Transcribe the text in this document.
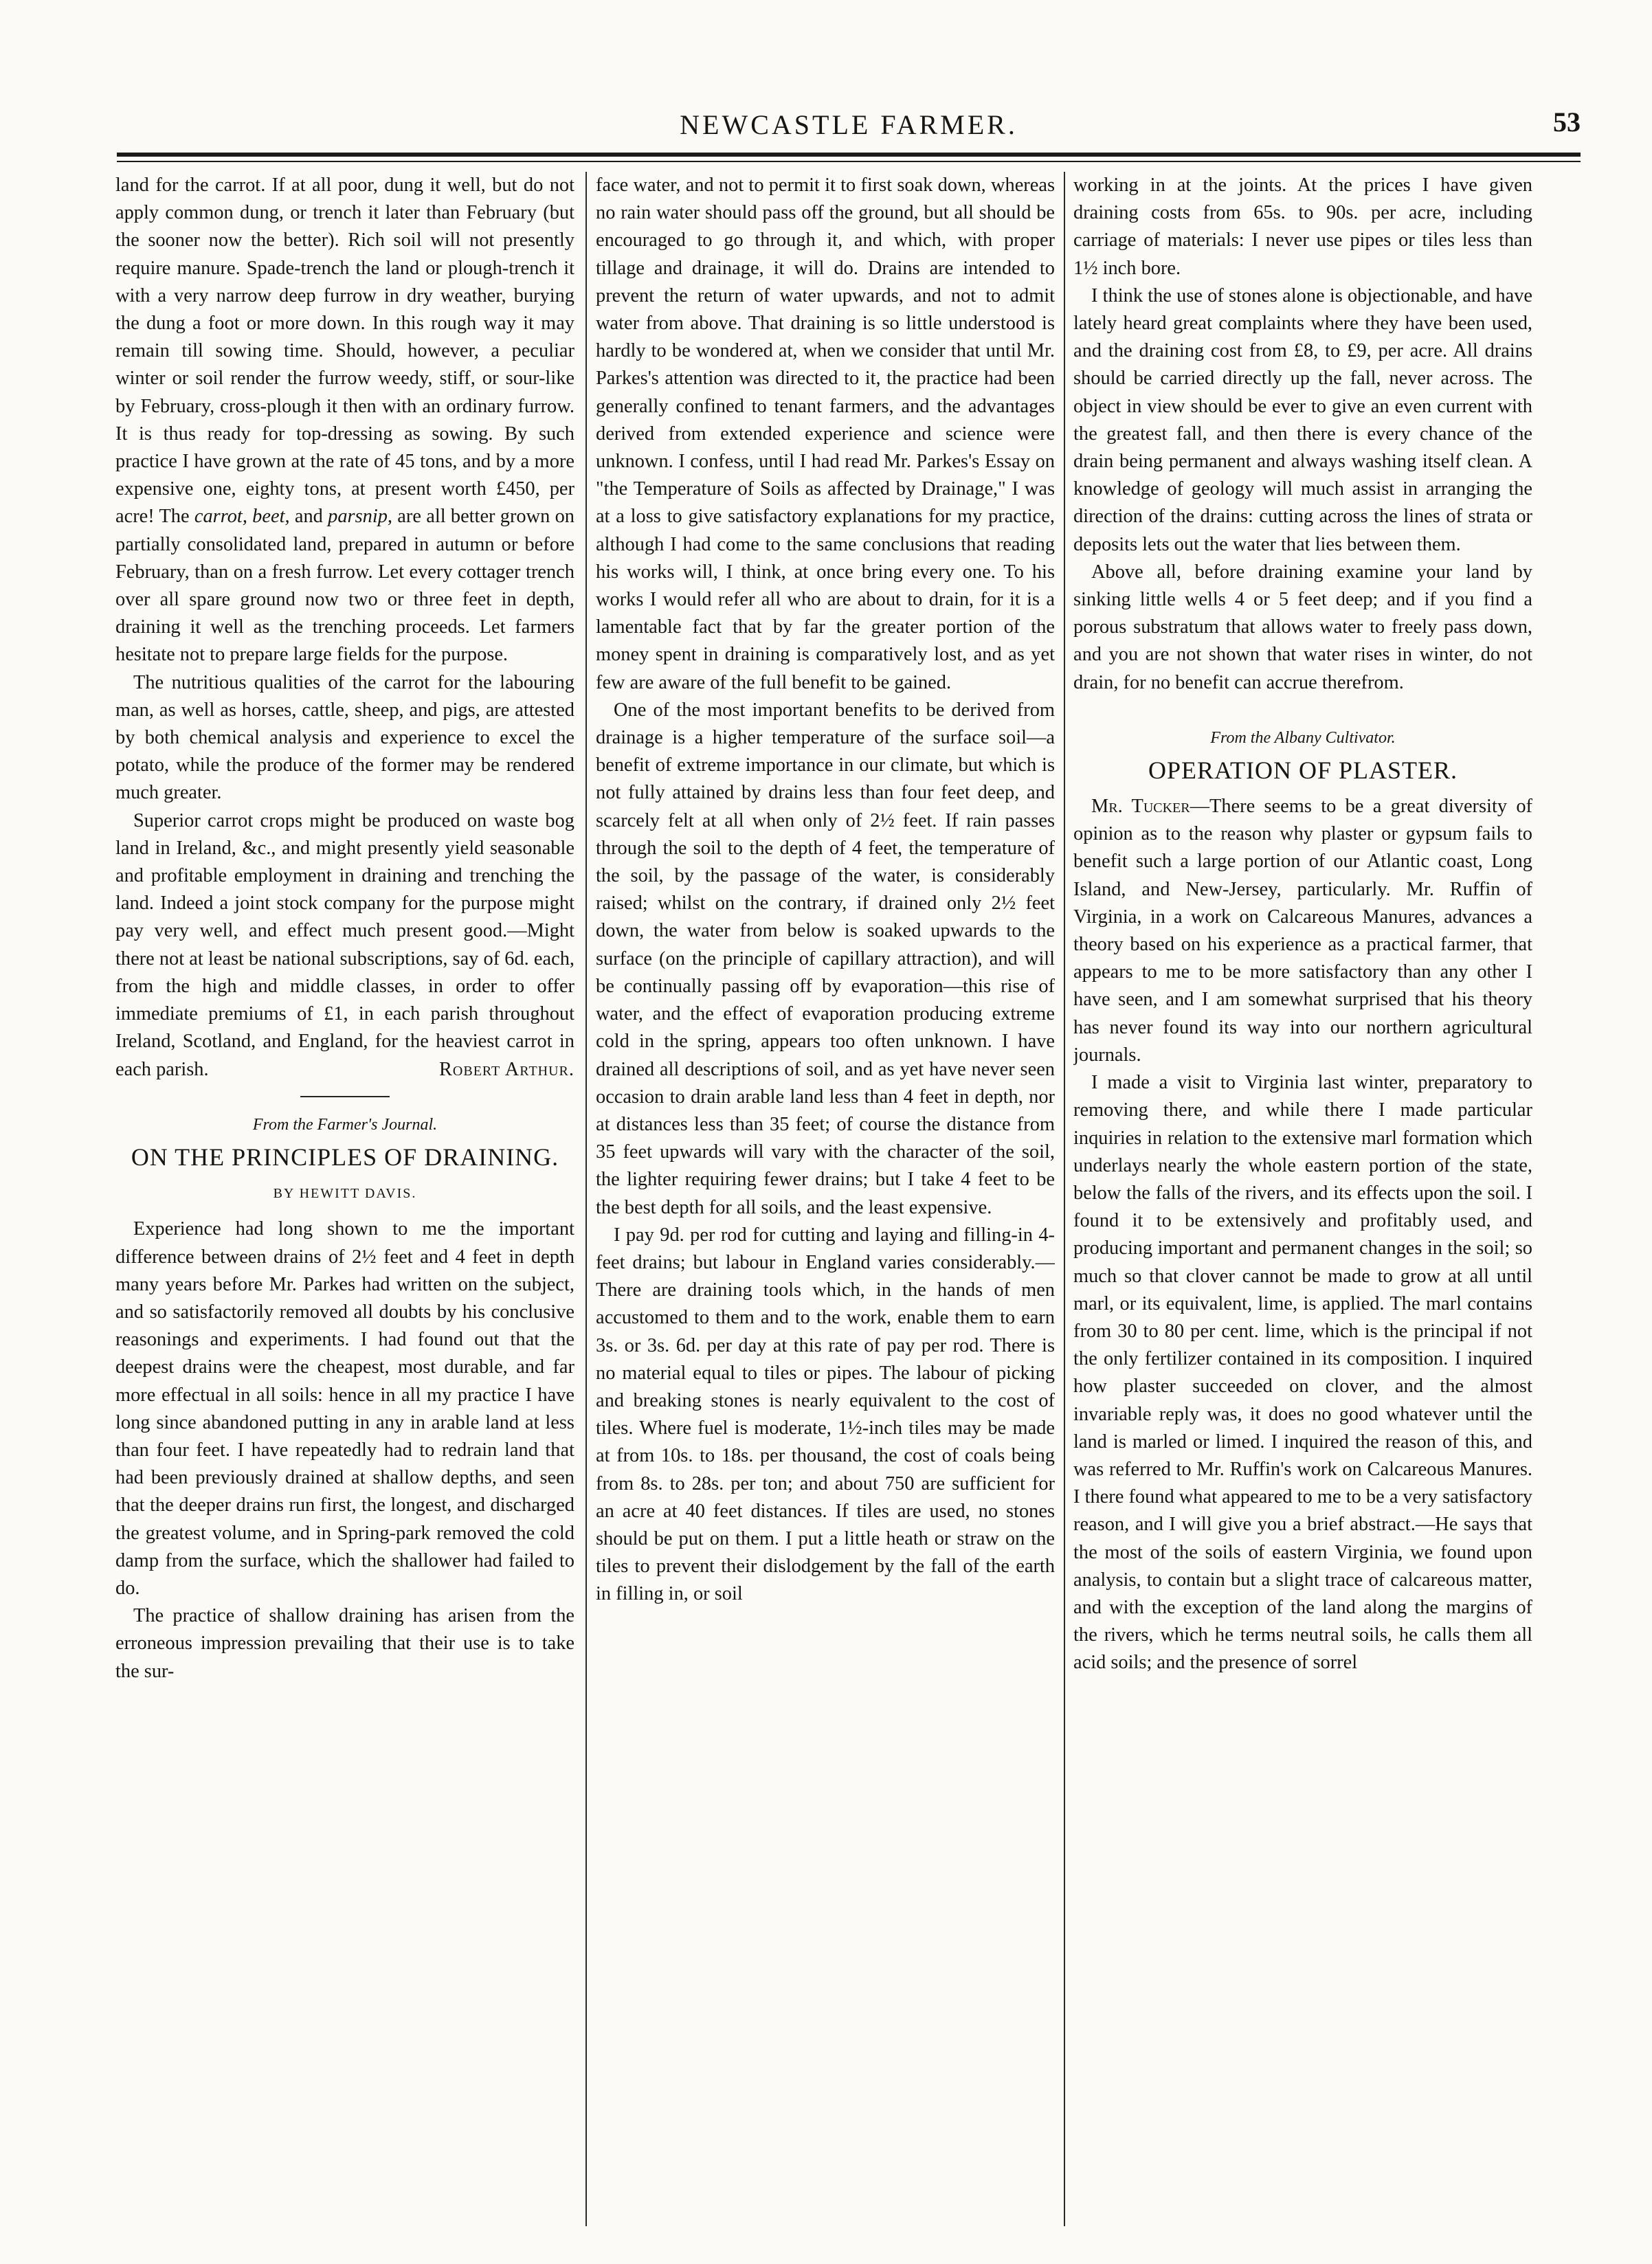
NEWCASTLE FARMER.	53

land for the carrot. If at all poor, dung it well, but do not apply common dung, or trench it later than February (but the sooner now the better). Rich soil will not presently require manure. Spade-trench the land or plough-trench it with a very narrow deep furrow in dry weather, burying the dung a foot or more down. In this rough way it may remain till sowing time. Should, however, a peculiar winter or soil render the furrow weedy, stiff, or sour-like by February, cross-plough it then with an ordinary furrow. It is thus ready for top-dressing as sowing. By such practice I have grown at the rate of 45 tons, and by a more expensive one, eighty tons, at present worth £450, per acre! The carrot, beet, and parsnip, are all better grown on partially consolidated land, prepared in autumn or before February, than on a fresh furrow. Let every cottager trench over all spare ground now two or three feet in depth, draining it well as the trenching proceeds. Let farmers hesitate not to prepare large fields for the purpose.

The nutritious qualities of the carrot for the labouring man, as well as horses, cattle, sheep, and pigs, are attested by both chemical analysis and experience to excel the potato, while the produce of the former may be rendered much greater.

Superior carrot crops might be produced on waste bog land in Ireland, &c., and might presently yield seasonable and profitable employment in draining and trenching the land. Indeed a joint stock company for the purpose might pay very well, and effect much present good.—Might there not at least be national subscriptions, say of 6d. each, from the high and middle classes, in order to offer immediate premiums of £1, in each parish throughout Ireland, Scotland, and England, for the heaviest carrot in each parish.	Robert Arthur.
From the Farmer's Journal.
ON THE PRINCIPLES OF DRAINING.
BY HEWITT DAVIS.

Experience had long shown to me the important difference between drains of 2½ feet and 4 feet in depth many years before Mr. Parkes had written on the subject, and so satisfactorily removed all doubts by his conclusive reasonings and experiments. I had found out that the deepest drains were the cheapest, most durable, and far more effectual in all soils: hence in all my practice I have long since abandoned putting in any in arable land at less than four feet. I have repeatedly had to redrain land that had been previously drained at shallow depths, and seen that the deeper drains run first, the longest, and discharged the greatest volume, and in Spring-park removed the cold damp from the surface, which the shallower had failed to do.

The practice of shallow draining has arisen from the erroneous impression prevailing that their use is to take the sur-

face water, and not to permit it to first soak down, whereas no rain water should pass off the ground, but all should be encouraged to go through it, and which, with proper tillage and drainage, it will do. Drains are intended to prevent the return of water upwards, and not to admit water from above. That draining is so little understood is hardly to be wondered at, when we consider that until Mr. Parkes's attention was directed to it, the practice had been generally confined to tenant farmers, and the advantages derived from extended experience and science were unknown. I confess, until I had read Mr. Parkes's Essay on "the Temperature of Soils as affected by Drainage," I was at a loss to give satisfactory explanations for my practice, although I had come to the same conclusions that reading his works will, I think, at once bring every one. To his works I would refer all who are about to drain, for it is a lamentable fact that by far the greater portion of the money spent in draining is comparatively lost, and as yet few are aware of the full benefit to be gained.

One of the most important benefits to be derived from drainage is a higher temperature of the surface soil—a benefit of extreme importance in our climate, but which is not fully attained by drains less than four feet deep, and scarcely felt at all when only of 2½ feet. If rain passes through the soil to the depth of 4 feet, the temperature of the soil, by the passage of the water, is considerably raised; whilst on the contrary, if drained only 2½ feet down, the water from below is soaked upwards to the surface (on the principle of capillary attraction), and will be continually passing off by evaporation—this rise of water, and the effect of evaporation producing extreme cold in the spring, appears too often unknown. I have drained all descriptions of soil, and as yet have never seen occasion to drain arable land less than 4 feet in depth, nor at distances less than 35 feet; of course the distance from 35 feet upwards will vary with the character of the soil, the lighter requiring fewer drains; but I take 4 feet to be the best depth for all soils, and the least expensive.

I pay 9d. per rod for cutting and laying and filling-in 4-feet drains; but labour in England varies considerably.—There are draining tools which, in the hands of men accustomed to them and to the work, enable them to earn 3s. or 3s. 6d. per day at this rate of pay per rod. There is no material equal to tiles or pipes. The labour of picking and breaking stones is nearly equivalent to the cost of tiles. Where fuel is moderate, 1½-inch tiles may be made at from 10s. to 18s. per thousand, the cost of coals being from 8s. to 28s. per ton; and about 750 are sufficient for an acre at 40 feet distances. If tiles are used, no stones should be put on them. I put a little heath or straw on the tiles to prevent their dislodgement by the fall of the earth in filling in, or soil

working in at the joints. At the prices I have given draining costs from 65s. to 90s. per acre, including carriage of materials: I never use pipes or tiles less than 1½ inch bore.

I think the use of stones alone is objectionable, and have lately heard great complaints where they have been used, and the draining cost from £8, to £9, per acre. All drains should be carried directly up the fall, never across. The object in view should be ever to give an even current with the greatest fall, and then there is every chance of the drain being permanent and always washing itself clean. A knowledge of geology will much assist in arranging the direction of the drains: cutting across the lines of strata or deposits lets out the water that lies between them.

Above all, before draining examine your land by sinking little wells 4 or 5 feet deep; and if you find a porous substratum that allows water to freely pass down, and you are not shown that water rises in winter, do not drain, for no benefit can accrue therefrom.

From the Albany Cultivator.
OPERATION OF PLASTER.

Mr. Tucker—There seems to be a great diversity of opinion as to the reason why plaster or gypsum fails to benefit such a large portion of our Atlantic coast, Long Island, and New-Jersey, particularly. Mr. Ruffin of Virginia, in a work on Calcareous Manures, advances a theory based on his experience as a practical farmer, that appears to me to be more satisfactory than any other I have seen, and I am somewhat surprised that his theory has never found its way into our northern agricultural journals.

I made a visit to Virginia last winter, preparatory to removing there, and while there I made particular inquiries in relation to the extensive marl formation which underlays nearly the whole eastern portion of the state, below the falls of the rivers, and its effects upon the soil. I found it to be extensively and profitably used, and producing important and permanent changes in the soil; so much so that clover cannot be made to grow at all until marl, or its equivalent, lime, is applied. The marl contains from 30 to 80 per cent. lime, which is the principal if not the only fertilizer contained in its composition. I inquired how plaster succeeded on clover, and the almost invariable reply was, it does no good whatever until the land is marled or limed. I inquired the reason of this, and was referred to Mr. Ruffin's work on Calcareous Manures. I there found what appeared to me to be a very satisfactory reason, and I will give you a brief abstract.—He says that the most of the soils of eastern Virginia, we found upon analysis, to contain but a slight trace of calcareous matter, and with the exception of the land along the margins of the rivers, which he terms neutral soils, he calls them all acid soils; and the presence of sorrel
